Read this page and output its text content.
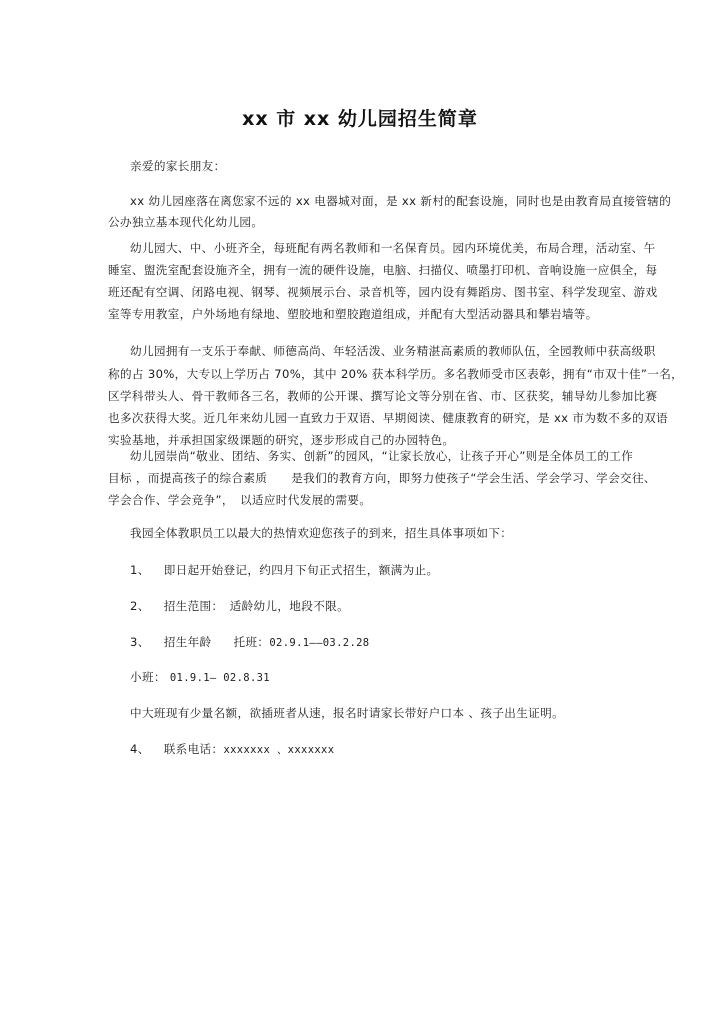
xx 市 xx 幼儿园招生简章
亲爱的家长朋友：
xx 幼儿园座落在离您家不远的 xx 电器城对面，是 xx 新村的配套设施，同时也是由教育局直接管辖的
公办独立基本现代化幼儿园。
幼儿园大、中、小班齐全，每班配有两名教师和一名保育员。园内环境优美，布局合理，活动室、午
睡室、盥洗室配套设施齐全，拥有一流的硬件设施，电脑、扫描仪、喷墨打印机、音响设施一应俱全，每
班还配有空调、闭路电视、钢琴、视频展示台、录音机等，园内设有舞蹈房、图书室、科学发现室、游戏
室等专用教室，户外场地有绿地、塑胶地和塑胶跑道组成，并配有大型活动器具和攀岩墙等。
幼儿园拥有一支乐于奉献、师德高尚、年轻活泼、业务精湛高素质的教师队伍，全园教师中获高级职
称的占 30%，大专以上学历占 70%，其中 20% 获本科学历。多名教师受市区表彰，拥有“市双十佳”一名，
区学科带头人、骨干教师各三名，教师的公开课、撰写论文等分别在省、市、区获奖，辅导幼儿参加比赛
也多次获得大奖。近几年来幼儿园一直致力于双语、早期阅读、健康教育的研究，是 xx 市为数不多的双语
实验基地，并承担国家级课题的研究，逐步形成自己的办园特色。
幼儿园崇尚“敬业、团结、务实、创新”的园风，“让家长放心，让孩子开心”则是全体员工的工作
目标 ，而提高孩子的综合素质　　是我们的教育方向，即努力使孩子“学会生活、学会学习、学会交往、
学会合作、学会竞争”，　以适应时代发展的需要。
我园全体教职员工以最大的热情欢迎您孩子的到来，招生具体事项如下：
1、 即日起开始登记，约四月下旬正式招生，额满为止。
2、 招生范围：　适龄幼儿，地段不限。
3、 招生年龄 托班：02.9.1——03.2.28
小班： 01.9.1— 02.8.31
中大班现有少量名额，欲插班者从速，报名时请家长带好户口本 、孩子出生证明。
4、 联系电话：xxxxxxx 、xxxxxxx
